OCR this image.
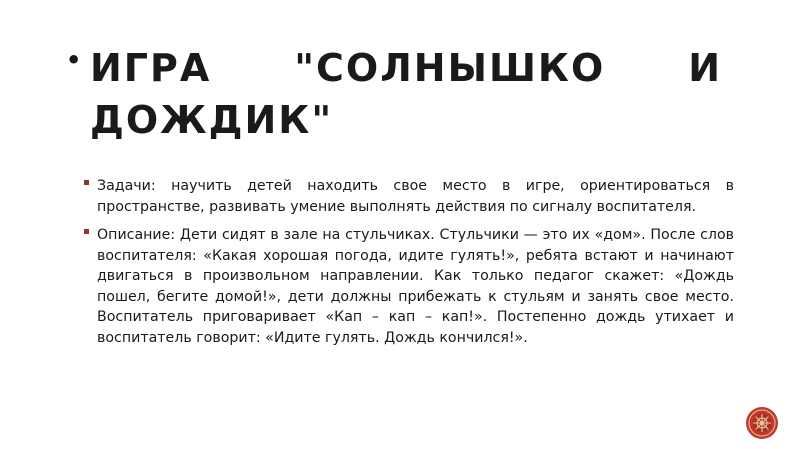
• ИГРА "СОЛНЫШКО И ДОЖДИК"

Задачи: научить детей находить свое место в игре, ориентироваться в пространстве, развивать умение выполнять действия по сигналу воспитателя.

Описание: Дети сидят в зале на стульчиках. Стульчики — это их «дом». После слов воспитателя: «Какая хорошая погода, идите гулять!», ребята встают и начинают двигаться в произвольном направлении. Как только педагог скажет: «Дождь пошел, бегите домой!», дети должны прибежать к стульям и занять свое место. Воспитатель приговаривает «Кап – кап – кап!». Постепенно дождь утихает и воспитатель говорит: «Идите гулять. Дождь кончился!».
